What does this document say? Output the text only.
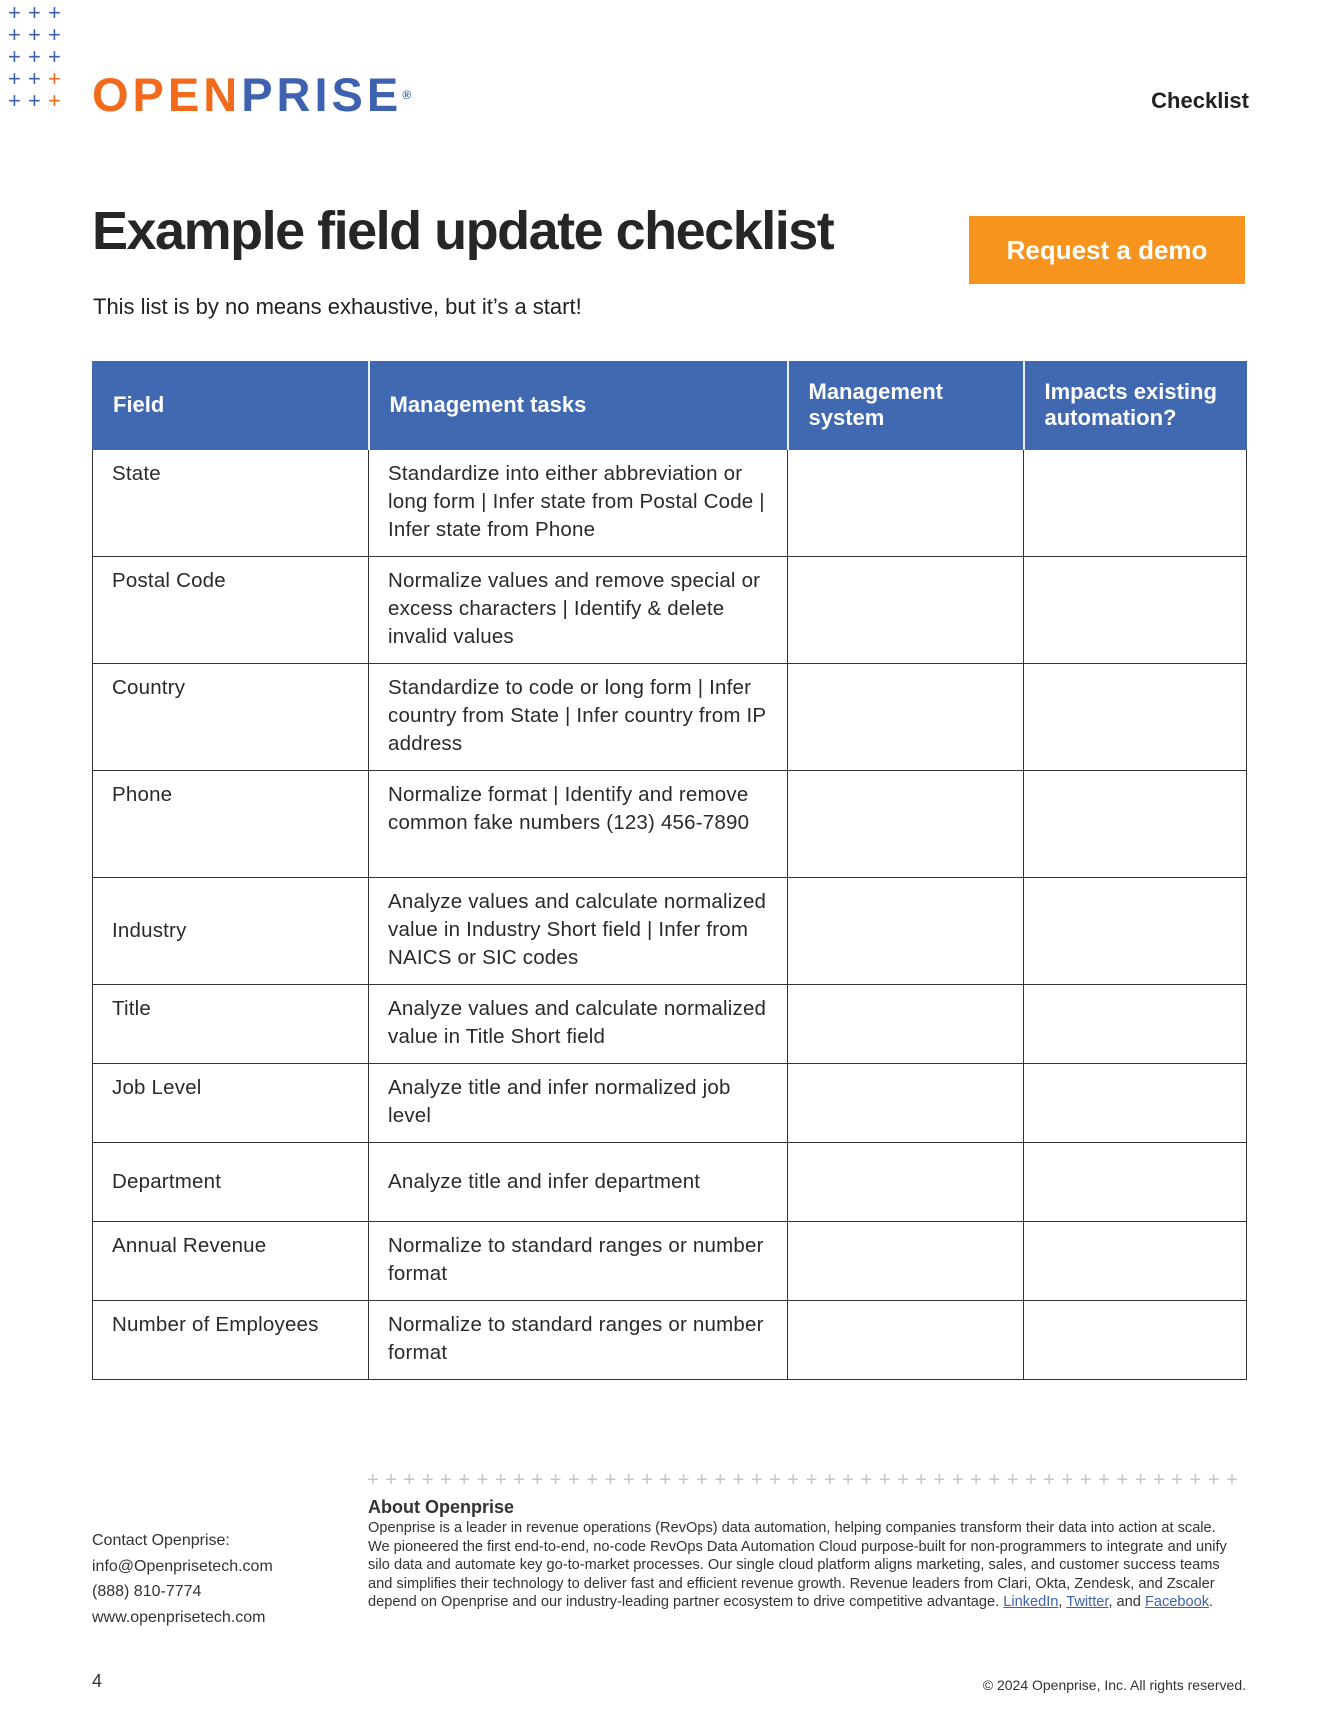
+ + +
+ + +
+ + +
+ + +
+ + + OPENPRISE®	Checklist
Example field update checklist	Request a demo

This list is by no means exhaustive, but it’s a start!

Field	Management tasks	Management system	Impacts existing automation?
State	Standardize into either abbreviation or long form | Infer state from Postal Code | Infer state from Phone		
Postal Code	Normalize values and remove special or excess characters | Identify & delete invalid values		
Country	Standardize to code or long form | Infer country from State | Infer country from IP address		
Phone	Normalize format | Identify and remove common fake numbers (123) 456-7890		
Industry	Analyze values and calculate normalized value in Industry Short field | Infer from NAICS or SIC codes		
Title	Analyze values and calculate normalized value in Title Short field		
Job Level	Analyze title and infer normalized job level		
Department	Analyze title and infer department		
Annual Revenue	Normalize to standard ranges or number format		
Number of Employees	Normalize to standard ranges or number format		
++++++++++++++++++++++++++++++++++++++++++++++++
About Openprise
Openprise is a leader in revenue operations (RevOps) data automation, helping companies transform their data into action at scale. We pioneered the first end-to-end, no-code RevOps Data Automation Cloud purpose-built for non-programmers to integrate and unify silo data and automate key go-to-market processes. Our single cloud platform aligns marketing, sales, and customer success teams and simplifies their technology to deliver fast and efficient revenue growth. Revenue leaders from Clari, Okta, Zendesk, and Zscaler depend on Openprise and our industry-leading partner ecosystem to drive competitive advantage. LinkedIn, Twitter, and Facebook.
Contact Openprise:
info@Openprisetech.com
(888) 810-7774
www.openprisetech.com
4	© 2024 Openprise, Inc. All rights reserved.
